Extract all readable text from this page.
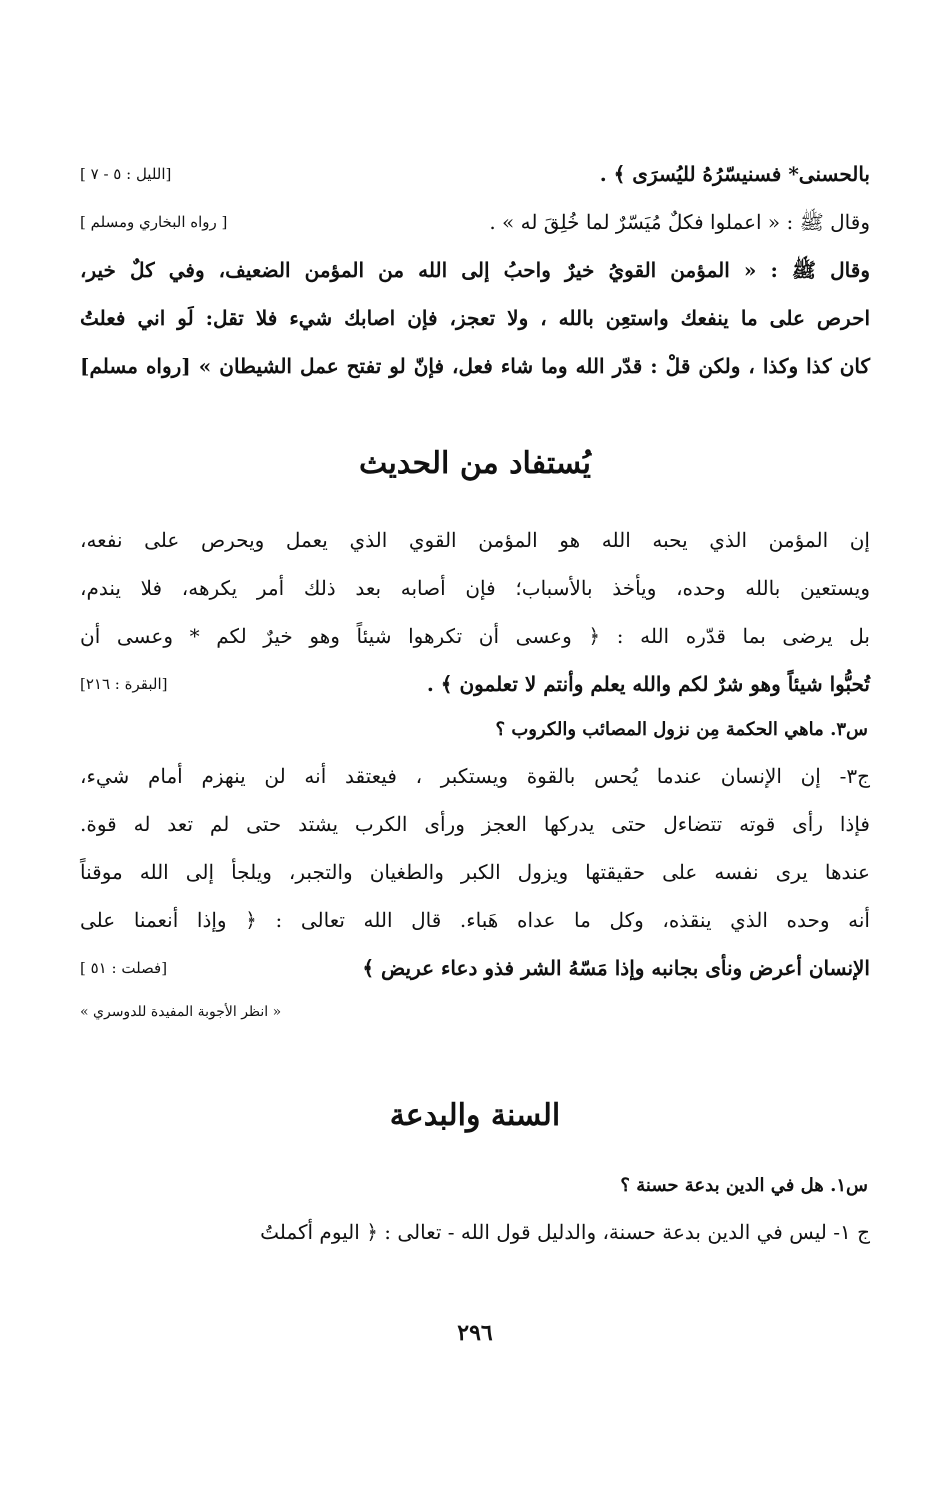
بالحسنى* فسنيسّرُهُ لليُسرَى ﴾ .
[الليل : ٥ - ٧ ]
وقال ﷺ : « اعملوا فكلٌ مُيَسّرٌ لما خُلِقَ له » .
[ رواه البخاري ومسلم ]
وقال ﷺ : « المؤمن القويُ خيرٌ واحبُ إلى الله من المؤمن الضعيف، وفي كلٌ خير،
احرص على ما ينفعك واستعِن بالله ، ولا تعجز، فإن اصابك شيء فلا تقل: لَو اني فعلتُ
كان كذا وكذا ، ولكن قلْ : قدّر الله وما شاء فعل، فإنّ لو تفتح عمل الشيطان » [رواه مسلم]
يُستفاد من الحديث
إن المؤمن الذي يحبه الله هو المؤمن القوي الذي يعمل ويحرص على نفعه،
ويستعين بالله وحده، ويأخذ بالأسباب؛ فإن أصابه بعد ذلك أمر يكرهه، فلا يندم،
بل يرضى بما قدّره الله : ﴿ وعسى أن تكرهوا شيئاً وهو خيرٌ لكم * وعسى أن
تُحبُّوا شيئاً وهو شرٌ لكم والله يعلم وأنتم لا تعلمون ﴾ .
[البقرة : ٢١٦]
س٣. ماهي الحكمة مِن نزول المصائب والكروب ؟
ج٣- إن الإنسان عندما يُحس بالقوة ويستكبر ، فيعتقد أنه لن ينهزم أمام شيء،
فإذا رأى قوته تتضاءل حتى يدركها العجز ورأى الكرب يشتد حتى لم تعد له قوة.
عندها يرى نفسه على حقيقتها ويزول الكبر والطغيان والتجبر، ويلجأ إلى الله موقناً
أنه وحده الذي ينقذه، وكل ما عداه هَباء. قال الله تعالى : ﴿ وإذا أنعمنا على
الإنسان أعرض ونأى بجانبه وإذا مَسّهُ الشر فذو دعاء عريض ﴾
[فصلت : ٥١ ]
« انظر الأجوبة المفيدة للدوسري »
السنة والبدعة
س١. هل في الدين بدعة حسنة ؟
ج ١- ليس في الدين بدعة حسنة، والدليل قول الله - تعالى : ﴿ اليوم أكملتُ
٢٩٦
